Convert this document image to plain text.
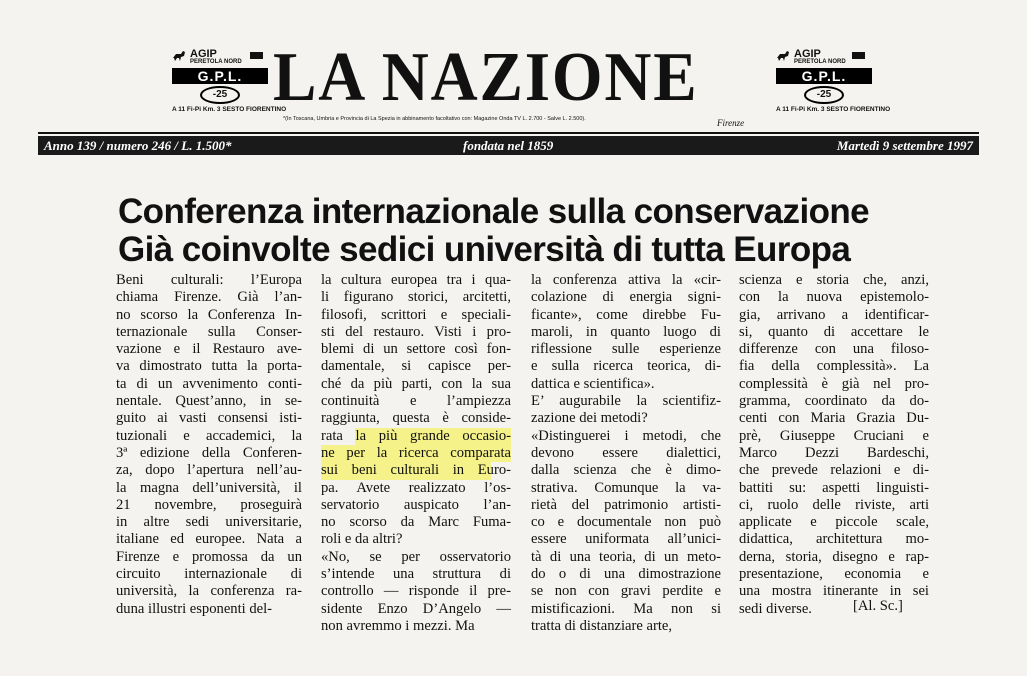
AGIP
PERETOLA NORD
G.P.L.
-25
A 11 Fi-Pi Km. 3 SESTO FIORENTINO
LA NAZIONE
*(In Toscana, Umbria e Provincia di La Spezia in abbinamento facoltativo con: Magazine Onda TV L. 2.700 - Salve L. 2.500).	Firenze
AGIP
PERETOLA NORD
G.P.L.
-25
A 11 Fi-Pi Km. 3 SESTO FIORENTINO
Anno 139 / numero 246 / L. 1.500*	fondata nel 1859	Martedì 9 settembre 1997
Conferenza internazionale sulla conservazione
Già coinvolte sedici università di tutta Europa
Beni culturali: l’Europa
chiama Firenze. Già l’an-
no scorso la Conferenza In-
ternazionale sulla Conser-
vazione e il Restauro ave-
va dimostrato tutta la porta-
ta di un avvenimento conti-
nentale. Quest’anno, in se-
guito ai vasti consensi isti-
tuzionali e accademici, la
3ª edizione della Conferen-
za, dopo l’apertura nell’au-
la magna dell’università, il
21 novembre, proseguirà
in altre sedi universitarie,
italiane ed europee. Nata a
Firenze e promossa da un
circuito internazionale di
università, la conferenza ra-
duna illustri esponenti del-
la cultura europea tra i qua-
li figurano storici, arcitetti,
filosofi, scrittori e speciali-
sti del restauro. Visti i pro-
blemi di un settore così fon-
damentale, si capisce per-
ché da più parti, con la sua
continuità e l’ampiezza
raggiunta, questa è conside-
rata la più grande occasio-
ne per la ricerca comparata
sui beni culturali in Euro-
pa. Avete realizzato l’os-
servatorio auspicato l’an-
no scorso da Marc Fuma-
roli e da altri?
«No, se per osservatorio
s’intende una struttura di
controllo — risponde il pre-
sidente Enzo D’Angelo —
non avremmo i mezzi. Ma
la conferenza attiva la «cir-
colazione di energia signi-
ficante», come direbbe Fu-
maroli, in quanto luogo di
riflessione sulle esperienze
e sulla ricerca teorica, di-
dattica e scientifica».
E’ augurabile la scientifiz-
zazione dei metodi?
«Distinguerei i metodi, che
devono essere dialettici,
dalla scienza che è dimo-
strativa. Comunque la va-
rietà del patrimonio artisti-
co e documentale non può
essere uniformata all’unici-
tà di una teoria, di un meto-
do o di una dimostrazione
se non con gravi perdite e
mistificazioni. Ma non si
tratta di distanziare arte,
scienza e storia che, anzi,
con la nuova epistemolo-
gia, arrivano a identificar-
si, quanto di accettare le
differenze con una filoso-
fia della complessità». La
complessità è già nel pro-
gramma, coordinato da do-
centi con Maria Grazia Du-
prè, Giuseppe Cruciani e
Marco Dezzi Bardeschi,
che prevede relazioni e di-
battiti su: aspetti linguisti-
ci, ruolo delle riviste, arti
applicate e piccole scale,
didattica, architettura mo-
derna, storia, disegno e rap-
presentazione, economia e
una mostra itinerante in sei
sedi diverse.	[Al. Sc.]
